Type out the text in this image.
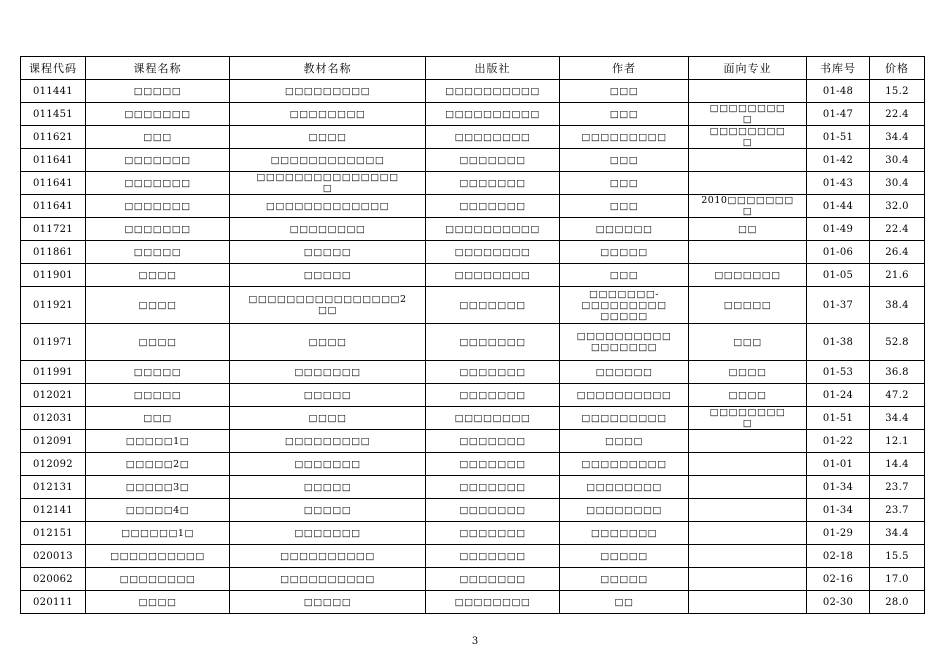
课程代码	课程名称	教材名称	出版社	作者	面向专业	书库号	价格
011441	□□□□□	□□□□□□□□□	□□□□□□□□□□	□□□		01-48	15.2
011451	□□□□□□□	□□□□□□□□	□□□□□□□□□□	□□□	□□□□□□□□
□	01-47	22.4
011621	□□□	□□□□	□□□□□□□□	□□□□□□□□□	□□□□□□□□
□	01-51	34.4
011641	□□□□□□□	□□□□□□□□□□□□	□□□□□□□	□□□		01-42	30.4
011641	□□□□□□□	□□□□□□□□□□□□□□□
□	□□□□□□□	□□□		01-43	30.4
011641	□□□□□□□	□□□□□□□□□□□□□	□□□□□□□	□□□	2010□□□□□□□
□	01-44	32.0
011721	□□□□□□□	□□□□□□□□	□□□□□□□□□□	□□□□□□	□□	01-49	22.4
011861	□□□□□	□□□□□	□□□□□□□□	□□□□□		01-06	26.4
011901	□□□□	□□□□□	□□□□□□□□	□□□	□□□□□□□	01-05	21.6
011921	□□□□	□□□□□□□□□□□□□□□□2
□□	□□□□□□□	□□□□□□□-□□□□□□□□□
□□□□□	□□□□□	01-37	38.4
011971	□□□□	□□□□	□□□□□□□	□□□□□□□□□□
□□□□□□□	□□□	01-38	52.8
011991	□□□□□	□□□□□□□	□□□□□□□	□□□□□□	□□□□	01-53	36.8
012021	□□□□□	□□□□□	□□□□□□□	□□□□□□□□□□	□□□□	01-24	47.2
012031	□□□	□□□□	□□□□□□□□	□□□□□□□□□	□□□□□□□□
□	01-51	34.4
012091	□□□□□1□	□□□□□□□□□	□□□□□□□	□□□□		01-22	12.1
012092	□□□□□2□	□□□□□□□	□□□□□□□	□□□□□□□□□		01-01	14.4
012131	□□□□□3□	□□□□□	□□□□□□□	□□□□□□□□		01-34	23.7
012141	□□□□□4□	□□□□□	□□□□□□□	□□□□□□□□		01-34	23.7
012151	□□□□□□1□	□□□□□□□	□□□□□□□	□□□□□□□		01-29	34.4
020013	□□□□□□□□□□	□□□□□□□□□□	□□□□□□□	□□□□□		02-18	15.5
020062	□□□□□□□□	□□□□□□□□□□	□□□□□□□	□□□□□		02-16	17.0
020111	□□□□	□□□□□	□□□□□□□□	□□		02-30	28.0
3
